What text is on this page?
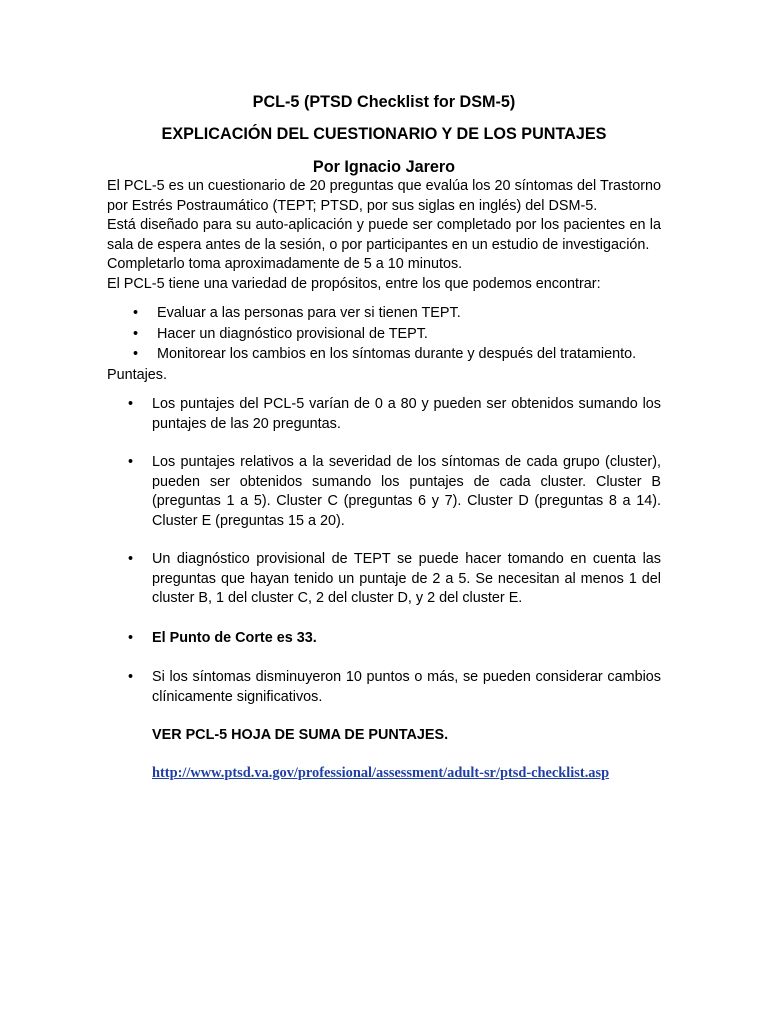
PCL-5 (PTSD Checklist for DSM-5)
EXPLICACIÓN DEL CUESTIONARIO Y DE LOS PUNTAJES
Por Ignacio Jarero

El PCL-5 es un cuestionario de 20 preguntas que evalúa los 20 síntomas del Trastorno por Estrés Postraumático (TEPT; PTSD, por sus siglas en inglés) del DSM-5.

Está diseñado para su auto-aplicación y puede ser completado por los pacientes en la sala de espera antes de la sesión, o por participantes en un estudio de investigación.

Completarlo toma aproximadamente de 5 a 10 minutos.

El PCL-5 tiene una variedad de propósitos, entre los que podemos encontrar:

• Evaluar a las personas para ver si tienen TEPT.
• Hacer un diagnóstico provisional de TEPT.
• Monitorear los cambios en los síntomas durante y después del tratamiento.

Puntajes.

• Los puntajes del PCL-5 varían de 0 a 80 y pueden ser obtenidos sumando los puntajes de las 20 preguntas.
• Los puntajes relativos a la severidad de los síntomas de cada grupo (cluster), pueden ser obtenidos sumando los puntajes de cada cluster. Cluster B (preguntas 1 a 5). Cluster C (preguntas 6 y 7). Cluster D (preguntas 8 a 14). Cluster E (preguntas 15 a 20).
• Un diagnóstico provisional de TEPT se puede hacer tomando en cuenta las preguntas que hayan tenido un puntaje de 2 a 5. Se necesitan al menos 1 del cluster B, 1 del cluster C, 2 del cluster D, y 2 del cluster E.
• El Punto de Corte es 33.
• Si los síntomas disminuyeron 10 puntos o más, se pueden considerar cambios clínicamente significativos.

VER PCL-5 HOJA DE SUMA DE PUNTAJES.

http://www.ptsd.va.gov/professional/assessment/adult-sr/ptsd-checklist.asp
